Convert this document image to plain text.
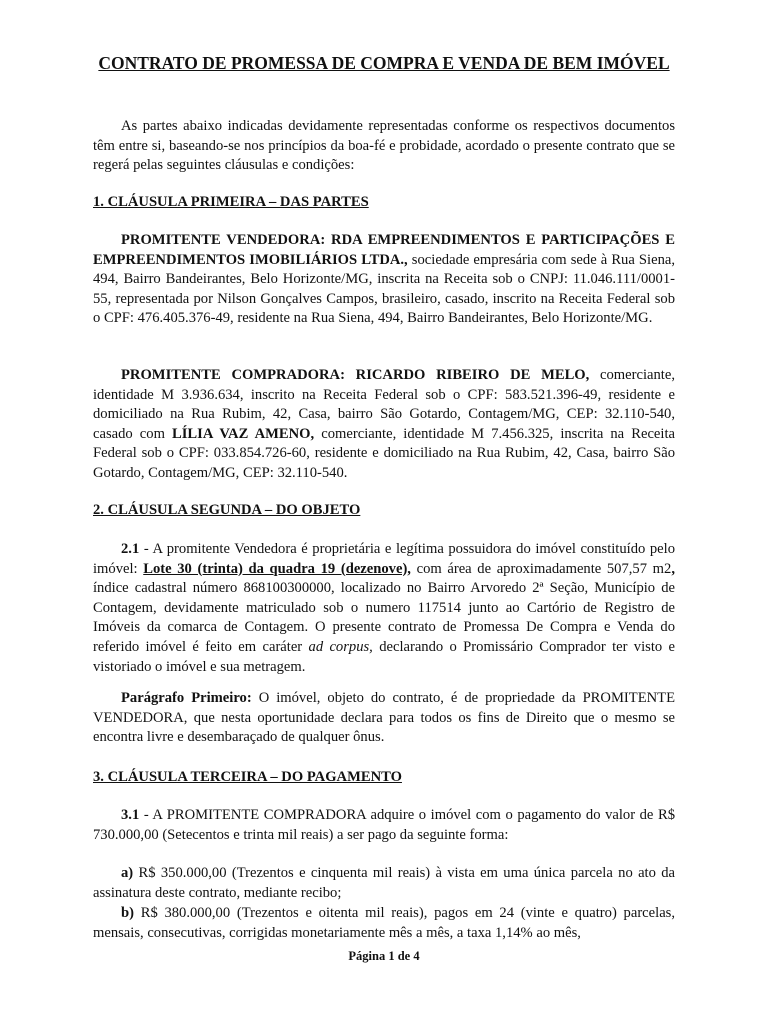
CONTRATO DE PROMESSA DE COMPRA E VENDA DE BEM IMÓVEL
As partes abaixo indicadas devidamente representadas conforme os respectivos documentos têm entre si, baseando-se nos princípios da boa-fé e probidade, acordado o presente contrato que se regerá pelas seguintes cláusulas e condições:
1. CLÁUSULA PRIMEIRA – DAS PARTES
PROMITENTE VENDEDORA: RDA EMPREENDIMENTOS E PARTICIPAÇÕES E EMPREENDIMENTOS IMOBILIÁRIOS LTDA., sociedade empresária com sede à Rua Siena, 494, Bairro Bandeirantes, Belo Horizonte/MG, inscrita na Receita sob o CNPJ: 11.046.111/0001-55, representada por Nilson Gonçalves Campos, brasileiro, casado, inscrito na Receita Federal sob o CPF: 476.405.376-49, residente na Rua Siena, 494, Bairro Bandeirantes, Belo Horizonte/MG.
PROMITENTE COMPRADORA: RICARDO RIBEIRO DE MELO, comerciante, identidade M 3.936.634, inscrito na Receita Federal sob o CPF: 583.521.396-49, residente e domiciliado na Rua Rubim, 42, Casa, bairro São Gotardo, Contagem/MG, CEP: 32.110-540, casado com LÍLIA VAZ AMENO, comerciante, identidade M 7.456.325, inscrita na Receita Federal sob o CPF: 033.854.726-60, residente e domiciliado na Rua Rubim, 42, Casa, bairro São Gotardo, Contagem/MG, CEP: 32.110-540.
2. CLÁUSULA SEGUNDA – DO OBJETO
2.1 - A promitente Vendedora é proprietária e legítima possuidora do imóvel constituído pelo imóvel: Lote 30 (trinta) da quadra 19 (dezenove), com área de aproximadamente 507,57 m2, índice cadastral número 868100300000, localizado no Bairro Arvoredo 2ª Seção, Município de Contagem, devidamente matriculado sob o numero 117514 junto ao Cartório de Registro de Imóveis da comarca de Contagem. O presente contrato de Promessa De Compra e Venda do referido imóvel é feito em caráter ad corpus, declarando o Promissário Comprador ter visto e vistoriado o imóvel e sua metragem.
Parágrafo Primeiro: O imóvel, objeto do contrato, é de propriedade da PROMITENTE VENDEDORA, que nesta oportunidade declara para todos os fins de Direito que o mesmo se encontra livre e desembaraçado de qualquer ônus.
3. CLÁUSULA TERCEIRA – DO PAGAMENTO
3.1 - A PROMITENTE COMPRADORA adquire o imóvel com o pagamento do valor de R$ 730.000,00 (Setecentos e trinta mil reais) a ser pago da seguinte forma:
a) R$ 350.000,00 (Trezentos e cinquenta mil reais) à vista em uma única parcela no ato da assinatura deste contrato, mediante recibo;
b) R$ 380.000,00 (Trezentos e oitenta mil reais), pagos em 24 (vinte e quatro) parcelas, mensais, consecutivas, corrigidas monetariamente mês a mês, a taxa 1,14% ao mês,
Página 1 de 4
